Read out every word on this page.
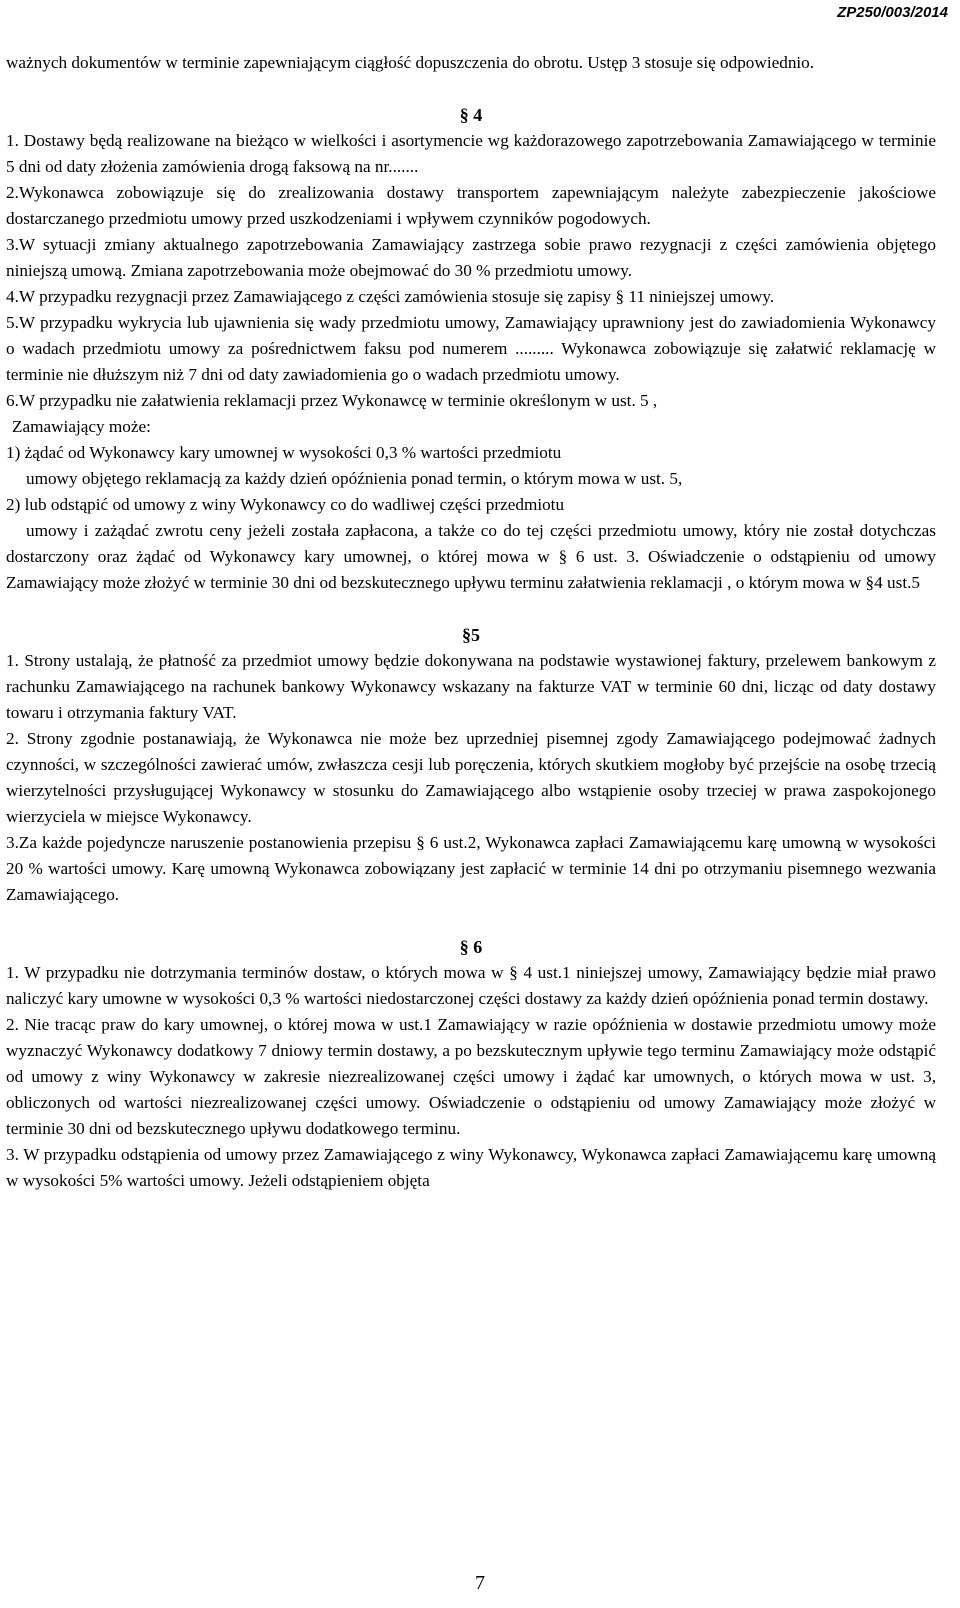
ZP250/003/2014

ważnych dokumentów w terminie zapewniającym ciągłość dopuszczenia do obrotu. Ustęp 3 stosuje się odpowiednio.

§ 4

1. Dostawy będą realizowane na bieżąco w wielkości i asortymencie wg każdorazowego zapotrzebowania Zamawiającego w terminie 5 dni od daty złożenia zamówienia drogą faksową na nr.......

2.Wykonawca zobowiązuje się do zrealizowania dostawy transportem zapewniającym należyte zabezpieczenie jakościowe dostarczanego przedmiotu umowy przed uszkodzeniami i wpływem czynników pogodowych.

3.W sytuacji zmiany aktualnego zapotrzebowania Zamawiający zastrzega sobie prawo rezygnacji z części zamówienia objętego niniejszą umową. Zmiana zapotrzebowania może obejmować do 30 % przedmiotu umowy.

4.W przypadku rezygnacji przez Zamawiającego z części zamówienia stosuje się zapisy § 11 niniejszej umowy.

5.W przypadku wykrycia lub ujawnienia się wady przedmiotu umowy, Zamawiający uprawniony jest do zawiadomienia Wykonawcy o wadach przedmiotu umowy za pośrednictwem faksu pod numerem ......... Wykonawca zobowiązuje się załatwić reklamację w terminie nie dłuższym niż 7 dni od daty zawiadomienia go o wadach przedmiotu umowy.

6.W przypadku nie załatwienia reklamacji przez Wykonawcę w terminie określonym w ust. 5 ,

Zamawiający może:

1) żądać od Wykonawcy kary umownej w wysokości 0,3 % wartości przedmiotu

umowy objętego reklamacją za każdy dzień opóźnienia ponad termin, o którym mowa w ust. 5,

2) lub odstąpić od umowy z winy Wykonawcy co do wadliwej części przedmiotu

umowy i zażądać zwrotu ceny jeżeli została zapłacona, a także co do tej części przedmiotu umowy, który nie został dotychczas dostarczony oraz żądać od Wykonawcy kary umownej, o której mowa w § 6 ust. 3. Oświadczenie o odstąpieniu od umowy Zamawiający może złożyć w terminie 30 dni od bezskutecznego upływu terminu załatwienia reklamacji , o którym mowa w §4 ust.5

§5

1. Strony ustalają, że płatność za przedmiot umowy będzie dokonywana na podstawie wystawionej faktury, przelewem bankowym z rachunku Zamawiającego na rachunek bankowy Wykonawcy wskazany na fakturze VAT w terminie 60 dni, licząc od daty dostawy towaru i otrzymania faktury VAT.

2. Strony zgodnie postanawiają, że Wykonawca nie może bez uprzedniej pisemnej zgody Zamawiającego podejmować żadnych czynności, w szczególności zawierać umów, zwłaszcza cesji lub poręczenia, których skutkiem mogłoby być przejście na osobę trzecią wierzytelności przysługującej Wykonawcy w stosunku do Zamawiającego albo wstąpienie osoby trzeciej w prawa zaspokojonego wierzyciela w miejsce Wykonawcy.

3.Za każde pojedyncze naruszenie postanowienia przepisu § 6 ust.2, Wykonawca zapłaci Zamawiającemu karę umowną w wysokości 20 % wartości umowy. Karę umowną Wykonawca zobowiązany jest zapłacić w terminie 14 dni po otrzymaniu pisemnego wezwania Zamawiającego.

§ 6

1. W przypadku nie dotrzymania terminów dostaw, o których mowa w § 4 ust.1 niniejszej umowy, Zamawiający będzie miał prawo naliczyć kary umowne w wysokości 0,3 % wartości niedostarczonej części dostawy za każdy dzień opóźnienia ponad termin dostawy.

2. Nie tracąc praw do kary umownej, o której mowa w ust.1 Zamawiający w razie opóźnienia w dostawie przedmiotu umowy może wyznaczyć Wykonawcy dodatkowy 7 dniowy termin dostawy, a po bezskutecznym upływie tego terminu Zamawiający może odstąpić od umowy z winy Wykonawcy w zakresie niezrealizowanej części umowy i żądać kar umownych, o których mowa w ust. 3, obliczonych od wartości niezrealizowanej części umowy. Oświadczenie o odstąpieniu od umowy Zamawiający może złożyć w terminie 30 dni od bezskutecznego upływu dodatkowego terminu.

3. W przypadku odstąpienia od umowy przez Zamawiającego z winy Wykonawcy, Wykonawca zapłaci Zamawiającemu karę umowną w wysokości 5% wartości umowy. Jeżeli odstąpieniem objęta

7
